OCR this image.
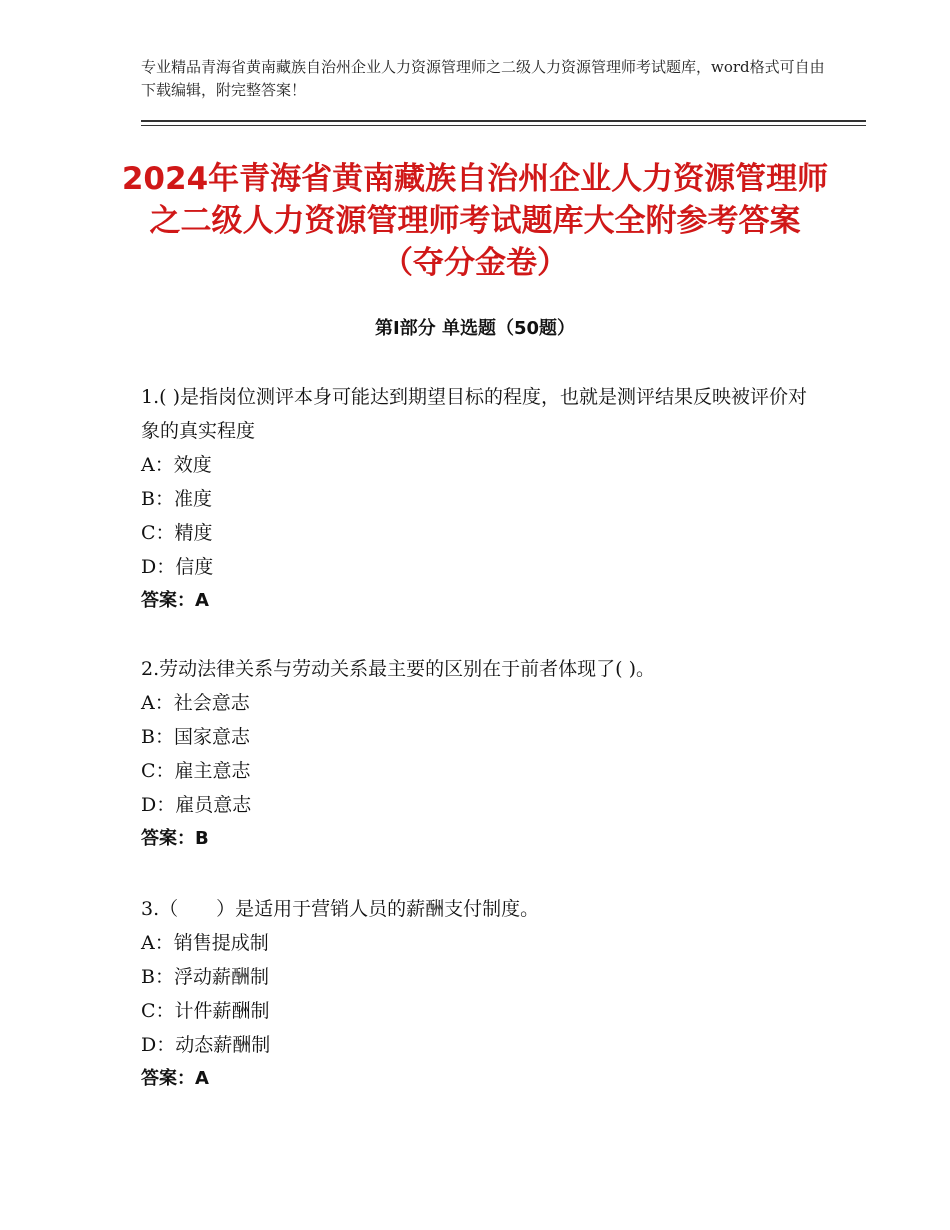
专业精品青海省黄南藏族自治州企业人力资源管理师之二级人力资源管理师考试题库，word格式可自由下载编辑，附完整答案！
2024年青海省黄南藏族自治州企业人力资源管理师之二级人力资源管理师考试题库大全附参考答案（夺分金卷）
第Ⅰ部分 单选题（50题）

1.( )是指岗位测评本身可能达到期望目标的程度，也就是测评结果反映被评价对象的真实程度

A：效度

B：准度

C：精度

D：信度

答案：A

2.劳动法律关系与劳动关系最主要的区别在于前者体现了( )。

A：社会意志

B：国家意志

C：雇主意志

D：雇员意志

答案：B

3.（　　）是适用于营销人员的薪酬支付制度。

A：销售提成制

B：浮动薪酬制

C：计件薪酬制

D：动态薪酬制

答案：A
